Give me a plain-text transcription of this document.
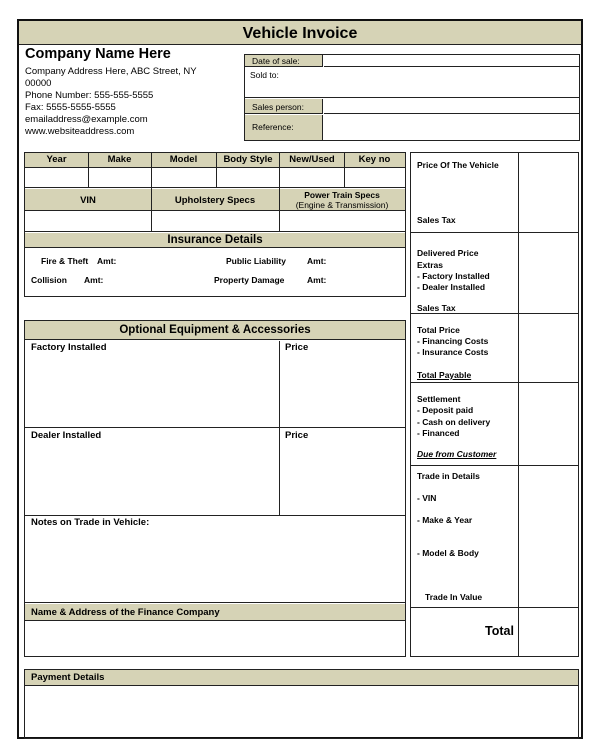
Vehicle Invoice
Company Name Here
Company Address Here, ABC Street, NY
00000
Phone Number: 555-555-5555
Fax: 5555-5555-5555
emailaddress@example.com
www.websiteaddress.com
Date of sale:
Sold to:
Sales person:
Reference:
Year	Make	Model	Body Style	New/Used	Key no
VIN	Upholstery Specs	Power Train Specs
(Engine & Transmission)
Insurance Details
Fire & Theft Amt:	Public Liability Amt:
Collision Amt:	Property Damage	Amt:
Optional Equipment & Accessories
Factory Installed	Price
Dealer Installed	Price
Notes on Trade in Vehicle:
Name & Address of the Finance Company
Price Of The Vehicle
Sales Tax
Delivered Price
Extras
- Factory Installed
- Dealer Installed
Sales Tax
Total Price
- Financing Costs
- Insurance Costs
Total Payable
Settlement
- Deposit paid
- Cash on delivery
- Financed
Due from Customer
Trade in Details
- VIN
- Make & Year
- Model & Body
Trade In Value
Total
Payment Details
